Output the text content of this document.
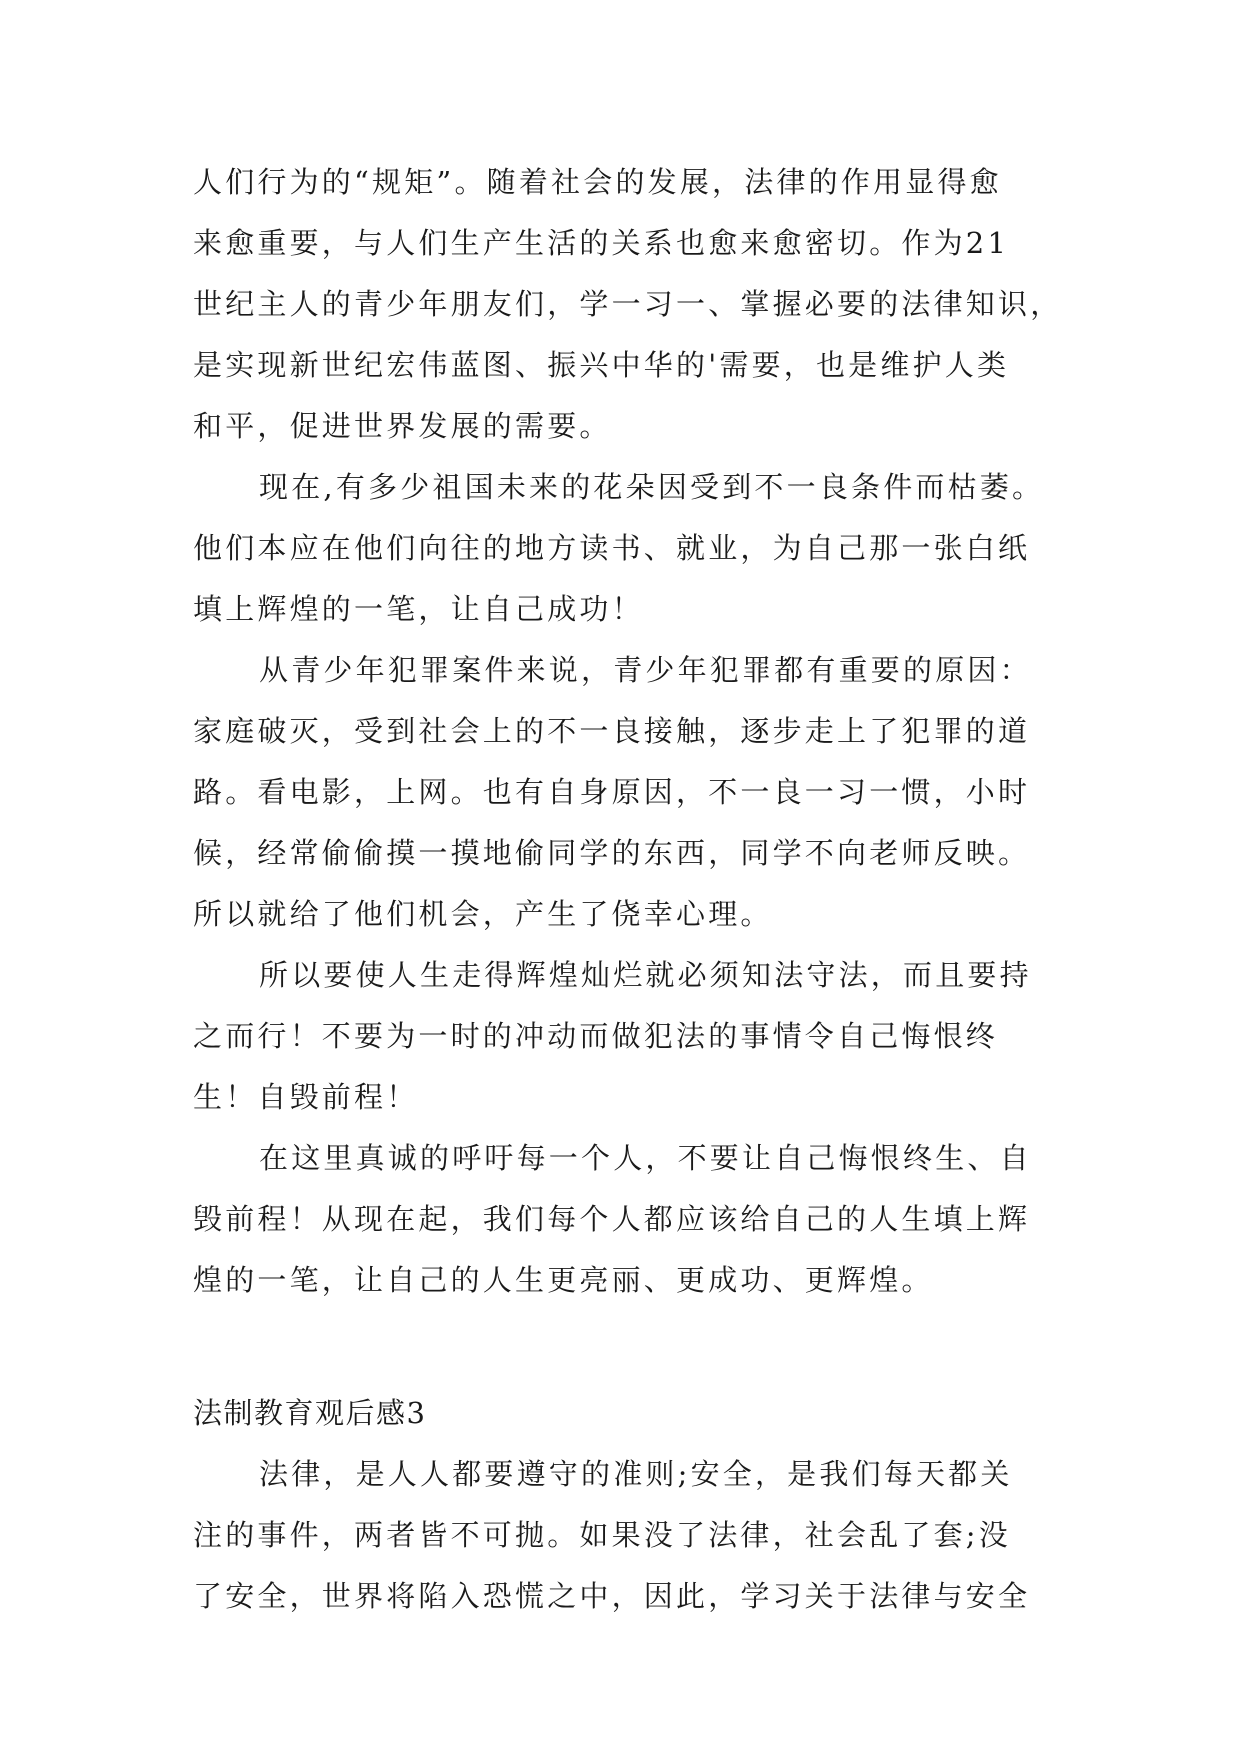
人们行为的“规矩”。随着社会的发展，法律的作用显得愈
来愈重要，与人们生产生活的关系也愈来愈密切。作为21
世纪主人的青少年朋友们，学一习一、掌握必要的法律知识，
是实现新世纪宏伟蓝图、振兴中华的'需要，也是维护人类
和平，促进世界发展的需要。
现在,有多少祖国未来的花朵因受到不一良条件而枯萎。
他们本应在他们向往的地方读书、就业，为自己那一张白纸
填上辉煌的一笔，让自己成功！
从青少年犯罪案件来说，青少年犯罪都有重要的原因：
家庭破灭，受到社会上的不一良接触，逐步走上了犯罪的道
路。看电影，上网。也有自身原因，不一良一习一惯，小时
候，经常偷偷摸一摸地偷同学的东西，同学不向老师反映。
所以就给了他们机会，产生了侥幸心理。
所以要使人生走得辉煌灿烂就必须知法守法，而且要持
之而行！不要为一时的冲动而做犯法的事情令自己悔恨终
生！自毁前程！
在这里真诚的呼吁每一个人，不要让自己悔恨终生、自
毁前程！从现在起，我们每个人都应该给自己的人生填上辉
煌的一笔，让自己的人生更亮丽、更成功、更辉煌。
法制教育观后感3
法律，是人人都要遵守的准则;安全，是我们每天都关
注的事件，两者皆不可抛。如果没了法律，社会乱了套;没
了安全，世界将陷入恐慌之中，因此，学习关于法律与安全
